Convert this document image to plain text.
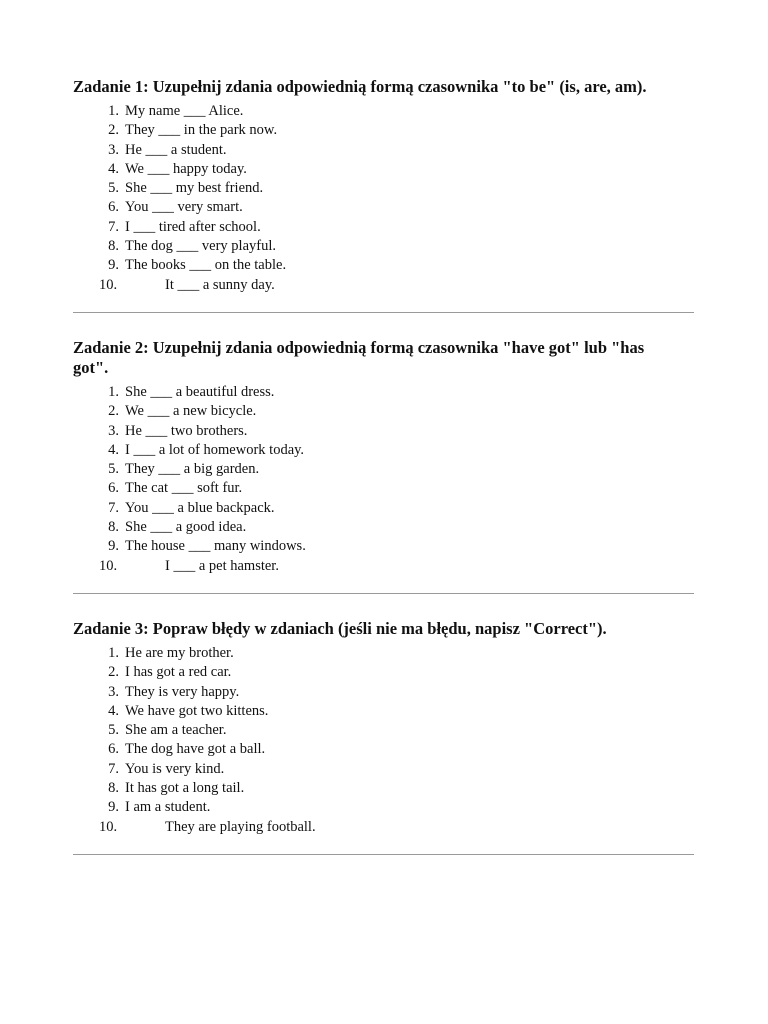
Zadanie 1: Uzupełnij zdania odpowiednią formą czasownika "to be" (is, are, am).
1. My name ___ Alice.
2. They ___ in the park now.
3. He ___ a student.
4. We ___ happy today.
5. She ___ my best friend.
6. You ___ very smart.
7. I ___ tired after school.
8. The dog ___ very playful.
9. The books ___ on the table.
10.	It ___ a sunny day.
Zadanie 2: Uzupełnij zdania odpowiednią formą czasownika "have got" lub "has got".
1. She ___ a beautiful dress.
2. We ___ a new bicycle.
3. He ___ two brothers.
4. I ___ a lot of homework today.
5. They ___ a big garden.
6. The cat ___ soft fur.
7. You ___ a blue backpack.
8. She ___ a good idea.
9. The house ___ many windows.
10.	I ___ a pet hamster.
Zadanie 3: Popraw błędy w zdaniach (jeśli nie ma błędu, napisz "Correct").
1. He are my brother.
2. I has got a red car.
3. They is very happy.
4. We have got two kittens.
5. She am a teacher.
6. The dog have got a ball.
7. You is very kind.
8. It has got a long tail.
9. I am a student.
10.	They are playing football.
